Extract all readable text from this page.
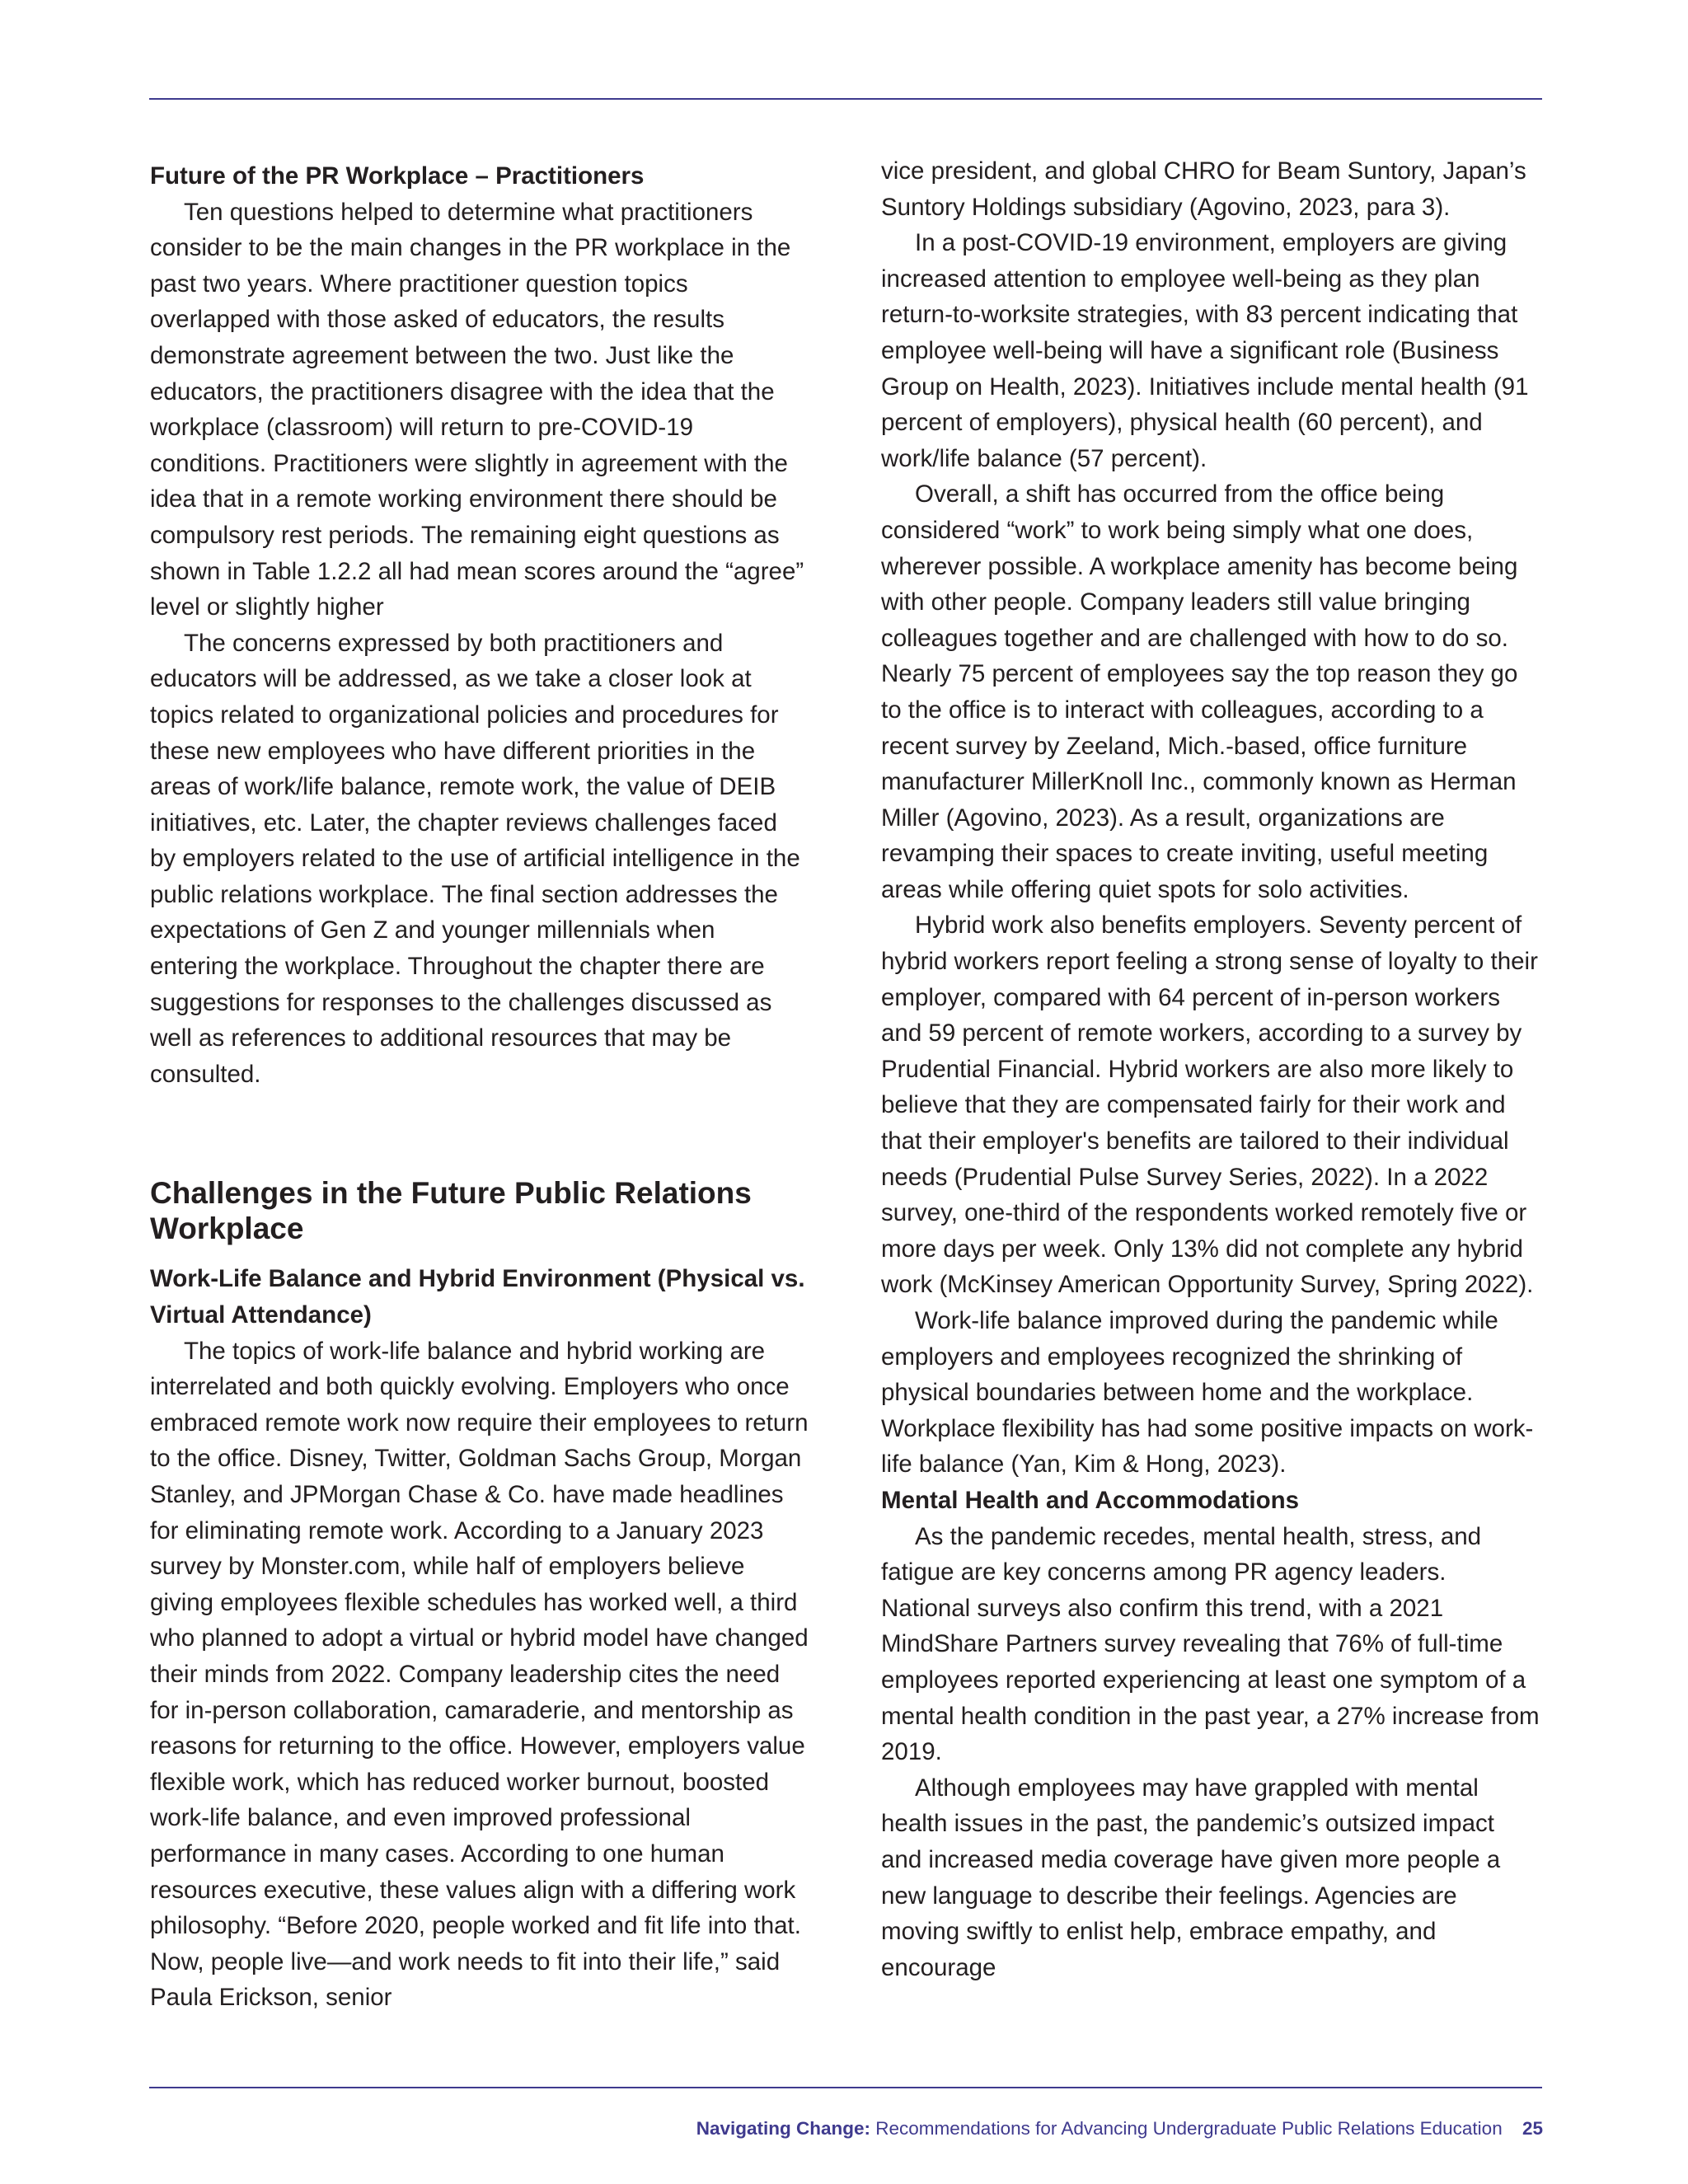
Future of the PR Workplace – Practitioners

Ten questions helped to determine what practitioners consider to be the main changes in the PR workplace in the past two years. Where practitioner question topics overlapped with those asked of educators, the results demonstrate agreement between the two. Just like the educators, the practitioners disagree with the idea that the workplace (classroom) will return to pre-COVID-19 conditions. Practitioners were slightly in agreement with the idea that in a remote working environment there should be compulsory rest periods. The remaining eight questions as shown in Table 1.2.2 all had mean scores around the “agree” level or slightly higher

The concerns expressed by both practitioners and educators will be addressed, as we take a closer look at topics related to organizational policies and procedures for these new employees who have different priorities in the areas of work/life balance, remote work, the value of DEIB initiatives, etc. Later, the chapter reviews challenges faced by employers related to the use of artificial intelligence in the public relations workplace. The final section addresses the expectations of Gen Z and younger millennials when entering the workplace. Throughout the chapter there are suggestions for responses to the challenges discussed as well as references to additional resources that may be consulted.

Challenges in the Future Public Relations Workplace

Work-Life Balance and Hybrid Environment (Physical vs. Virtual Attendance)

The topics of work-life balance and hybrid working are interrelated and both quickly evolving. Employers who once embraced remote work now require their employees to return to the office. Disney, Twitter, Goldman Sachs Group, Morgan Stanley, and JPMorgan Chase & Co. have made headlines for eliminating remote work. According to a January 2023 survey by Monster.com, while half of employers believe giving employees flexible schedules has worked well, a third who planned to adopt a virtual or hybrid model have changed their minds from 2022. Company leadership cites the need for in-person collaboration, camaraderie, and mentorship as reasons for returning to the office. However, employers value flexible work, which has reduced worker burnout, boosted work-life balance, and even improved professional performance in many cases. According to one human resources executive, these values align with a differing work philosophy. “Before 2020, people worked and fit life into that. Now, people live—and work needs to fit into their life,” said Paula Erickson, senior

vice president, and global CHRO for Beam Suntory, Japan’s Suntory Holdings subsidiary (Agovino, 2023, para 3).

In a post-COVID-19 environment, employers are giving increased attention to employee well-being as they plan return-to-worksite strategies, with 83 percent indicating that employee well-being will have a significant role (Business Group on Health, 2023). Initiatives include mental health (91 percent of employers), physical health (60 percent), and work/life balance (57 percent).

Overall, a shift has occurred from the office being considered “work” to work being simply what one does, wherever possible. A workplace amenity has become being with other people. Company leaders still value bringing colleagues together and are challenged with how to do so. Nearly 75 percent of employees say the top reason they go to the office is to interact with colleagues, according to a recent survey by Zeeland, Mich.-based, office furniture manufacturer MillerKnoll Inc., commonly known as Herman Miller (Agovino, 2023). As a result, organizations are revamping their spaces to create inviting, useful meeting areas while offering quiet spots for solo activities.

Hybrid work also benefits employers. Seventy percent of hybrid workers report feeling a strong sense of loyalty to their employer, compared with 64 percent of in-person workers and 59 percent of remote workers, according to a survey by Prudential Financial. Hybrid workers are also more likely to believe that they are compensated fairly for their work and that their employer's benefits are tailored to their individual needs (Prudential Pulse Survey Series, 2022). In a 2022 survey, one-third of the respondents worked remotely five or more days per week. Only 13% did not complete any hybrid work (McKinsey American Opportunity Survey, Spring 2022).

Work-life balance improved during the pandemic while employers and employees recognized the shrinking of physical boundaries between home and the workplace. Workplace flexibility has had some positive impacts on work-life balance (Yan, Kim & Hong, 2023).

Mental Health and Accommodations

As the pandemic recedes, mental health, stress, and fatigue are key concerns among PR agency leaders. National surveys also confirm this trend, with a 2021 MindShare Partners survey revealing that 76% of full-time employees reported experiencing at least one symptom of a mental health condition in the past year, a 27% increase from 2019.

Although employees may have grappled with mental health issues in the past, the pandemic’s outsized impact and increased media coverage have given more people a new language to describe their feelings. Agencies are moving swiftly to enlist help, embrace empathy, and encourage

Navigating Change: Recommendations for Advancing Undergraduate Public Relations Education 25
